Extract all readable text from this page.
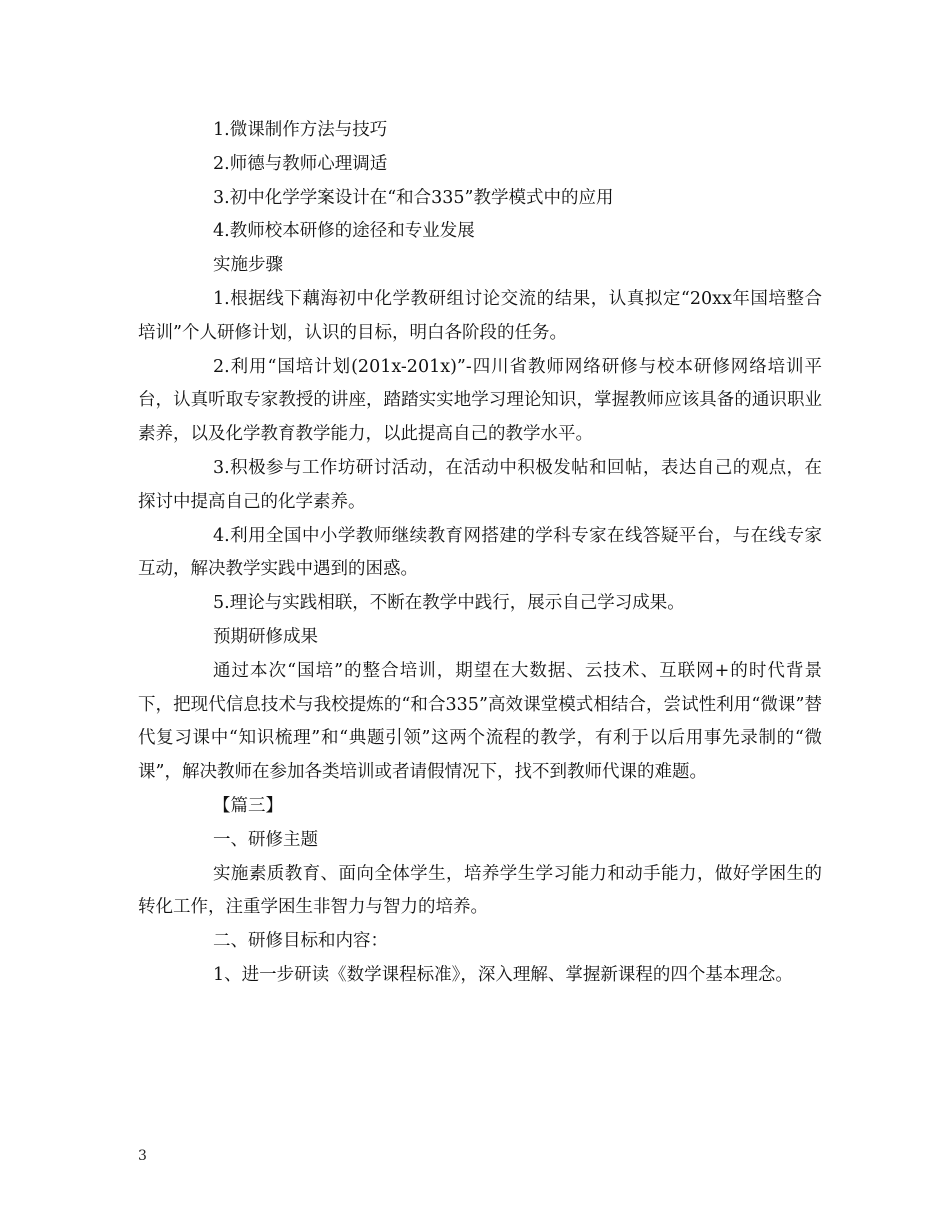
1.微课制作方法与技巧

2.师德与教师心理调适

3.初中化学学案设计在“和合335”教学模式中的应用

4.教师校本研修的途径和专业发展

实施步骤

1.根据线下藕海初中化学教研组讨论交流的结果，认真拟定“20xx年国培整合培训”个人研修计划，认识的目标，明白各阶段的任务。

2.利用“国培计划(201x-201x)”-四川省教师网络研修与校本研修网络培训平台，认真听取专家教授的讲座，踏踏实实地学习理论知识，掌握教师应该具备的通识职业素养，以及化学教育教学能力，以此提高自己的教学水平。

3.积极参与工作坊研讨活动，在活动中积极发帖和回帖，表达自己的观点，在探讨中提高自己的化学素养。

4.利用全国中小学教师继续教育网搭建的学科专家在线答疑平台，与在线专家互动，解决教学实践中遇到的困惑。

5.理论与实践相联，不断在教学中践行，展示自己学习成果。

预期研修成果

通过本次“国培”的整合培训，期望在大数据、云技术、互联网+的时代背景下，把现代信息技术与我校提炼的“和合335”高效课堂模式相结合，尝试性利用“微课”替代复习课中“知识梳理”和“典题引领”这两个流程的教学，有利于以后用事先录制的“微课”，解决教师在参加各类培训或者请假情况下，找不到教师代课的难题。

【篇三】

一、研修主题

实施素质教育、面向全体学生，培养学生学习能力和动手能力，做好学困生的转化工作，注重学困生非智力与智力的培养。

二、研修目标和内容：

1、进一步研读《数学课程标准》，深入理解、掌握新课程的四个基本理念。

3
